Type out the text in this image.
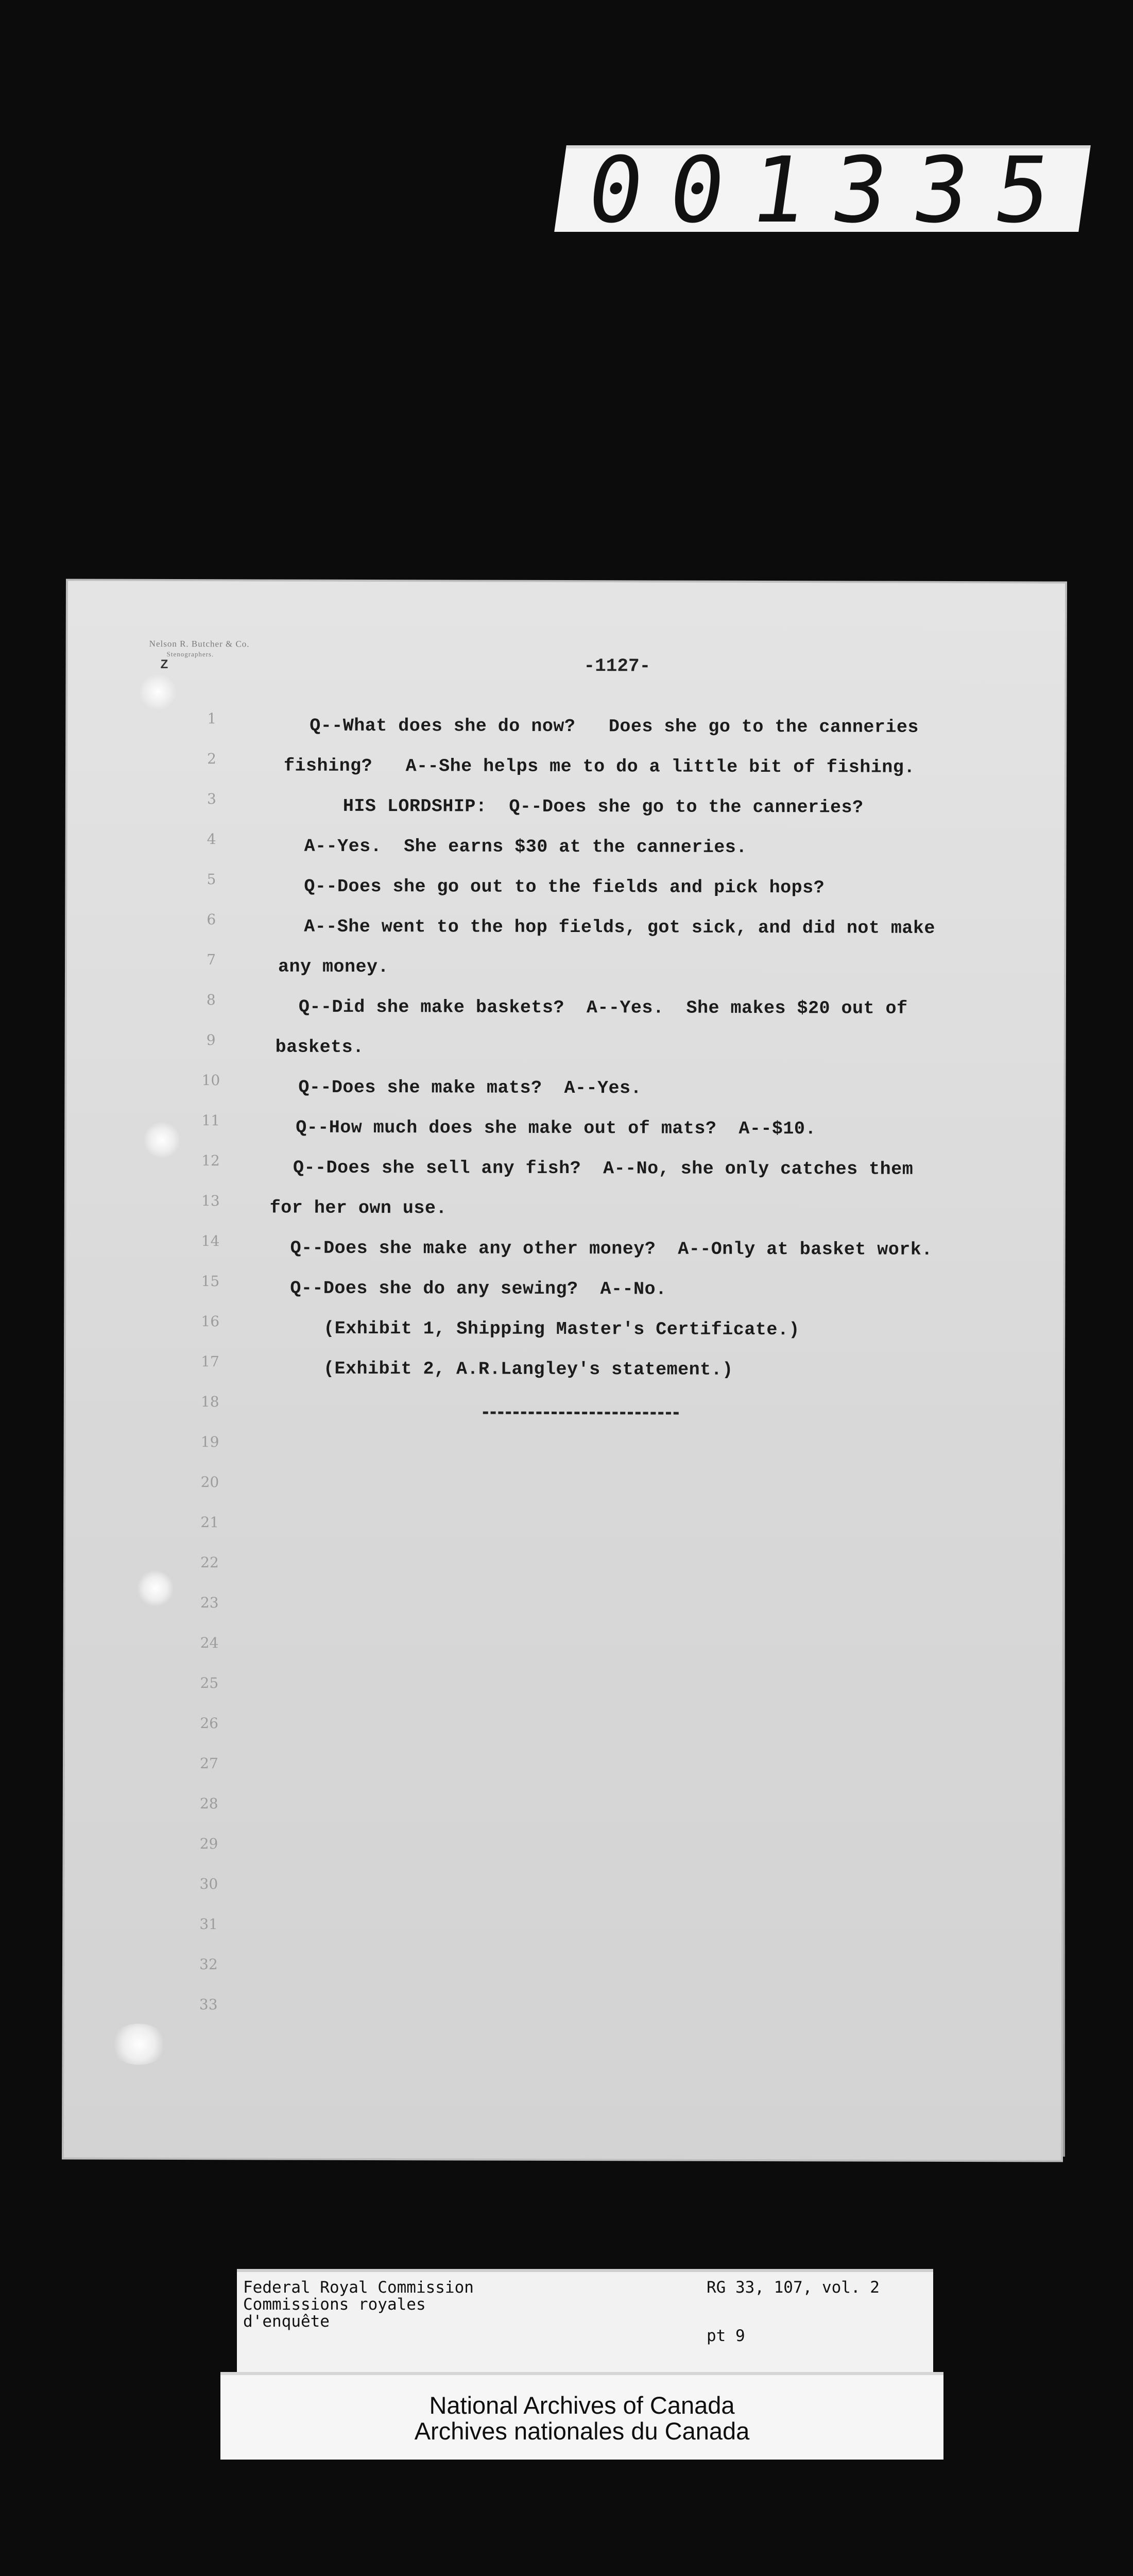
001335
Nelson R. Butcher & Co.
Stenographers.
Z	-1127-
1
2
3
4
5
6
7
8
9
10
11
12
13
14
15
16
17
18
19
20
21
22
23
24
25
26
27
28
29
30
31
32
33
Q--What does she do now?   Does she go to the canneries
fishing?   A--She helps me to do a little bit of fishing.
HIS LORDSHIP:  Q--Does she go to the canneries?
A--Yes.  She earns $30 at the canneries.
Q--Does she go out to the fields and pick hops?
A--She went to the hop fields, got sick, and did not make
any money.
Q--Did she make baskets?  A--Yes.  She makes $20 out of
baskets.
Q--Does she make mats?  A--Yes.
Q--How much does she make out of mats?  A--$10.
Q--Does she sell any fish?  A--No, she only catches them
for her own use.
Q--Does she make any other money?  A--Only at basket work.
Q--Does she do any sewing?  A--No.
(Exhibit 1, Shipping Master's Certificate.)
(Exhibit 2, A.R.Langley's statement.)
Federal Royal Commission
Commissions royales
d'enquête
RG 33, 107, vol. 2
pt 9
National Archives of Canada
Archives nationales du Canada
